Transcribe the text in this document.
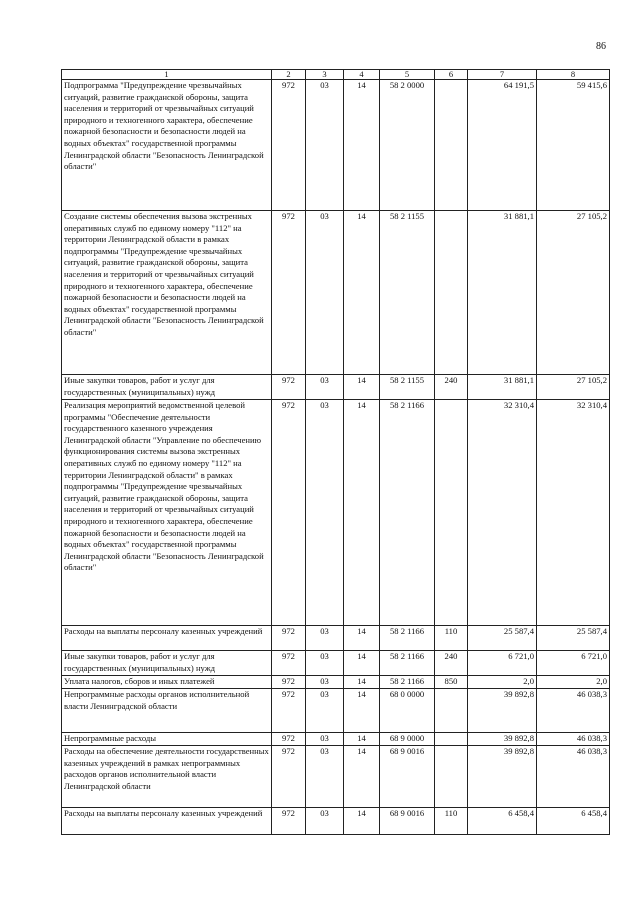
86
1	2	3	4	5	6	7	8
Подпрограмма "Предупреждение чрезвычайных ситуаций, развитие гражданской обороны, защита населения и территорий от чрезвычайных ситуаций природного и техногенного характера, обеспечение пожарной безопасности и безопасности людей на водных объектах" государственной программы Ленинградской области "Безопасность Ленинградской области"	972	03	14	58 2 0000		64 191,5	59 415,6
Создание системы обеспечения вызова экстренных оперативных служб по единому номеру "112" на территории Ленинградской области в рамках подпрограммы "Предупреждение чрезвычайных ситуаций, развитие гражданской обороны, защита населения и территорий от чрезвычайных ситуаций природного и техногенного характера, обеспечение пожарной безопасности и безопасности людей на водных объектах" государственной программы Ленинградской области "Безопасность Ленинградской области"	972	03	14	58 2 1155		31 881,1	27 105,2
Иные закупки товаров, работ и услуг для государственных (муниципальных) нужд	972	03	14	58 2 1155	240	31 881,1	27 105,2
Реализация мероприятий ведомственной целевой программы "Обеспечение деятельности государственного казенного учреждения Ленинградской области "Управление по обеспечению функционирования системы вызова экстренных оперативных служб по единому номеру "112" на территории Ленинградской области" в рамках подпрограммы "Предупреждение чрезвычайных ситуаций, развитие гражданской обороны, защита населения и территорий от чрезвычайных ситуаций природного и техногенного характера, обеспечение пожарной безопасности и безопасности людей на водных объектах" государственной программы Ленинградской области "Безопасность Ленинградской области"	972	03	14	58 2 1166		32 310,4	32 310,4
Расходы на выплаты персоналу казенных учреждений	972	03	14	58 2 1166	110	25 587,4	25 587,4
Иные закупки товаров, работ и услуг для государственных (муниципальных) нужд	972	03	14	58 2 1166	240	6 721,0	6 721,0
Уплата налогов, сборов и иных платежей	972	03	14	58 2 1166	850	2,0	2,0
Непрограммные расходы органов исполнительной власти Ленинградской области	972	03	14	68 0 0000		39 892,8	46 038,3
Непрограммные расходы	972	03	14	68 9 0000		39 892,8	46 038,3
Расходы на обеспечение деятельности государственных казенных учреждений в рамках непрограммных расходов органов исполнительной власти Ленинградской области	972	03	14	68 9 0016		39 892,8	46 038,3
Расходы на выплаты персоналу казенных учреждений	972	03	14	68 9 0016	110	6 458,4	6 458,4
